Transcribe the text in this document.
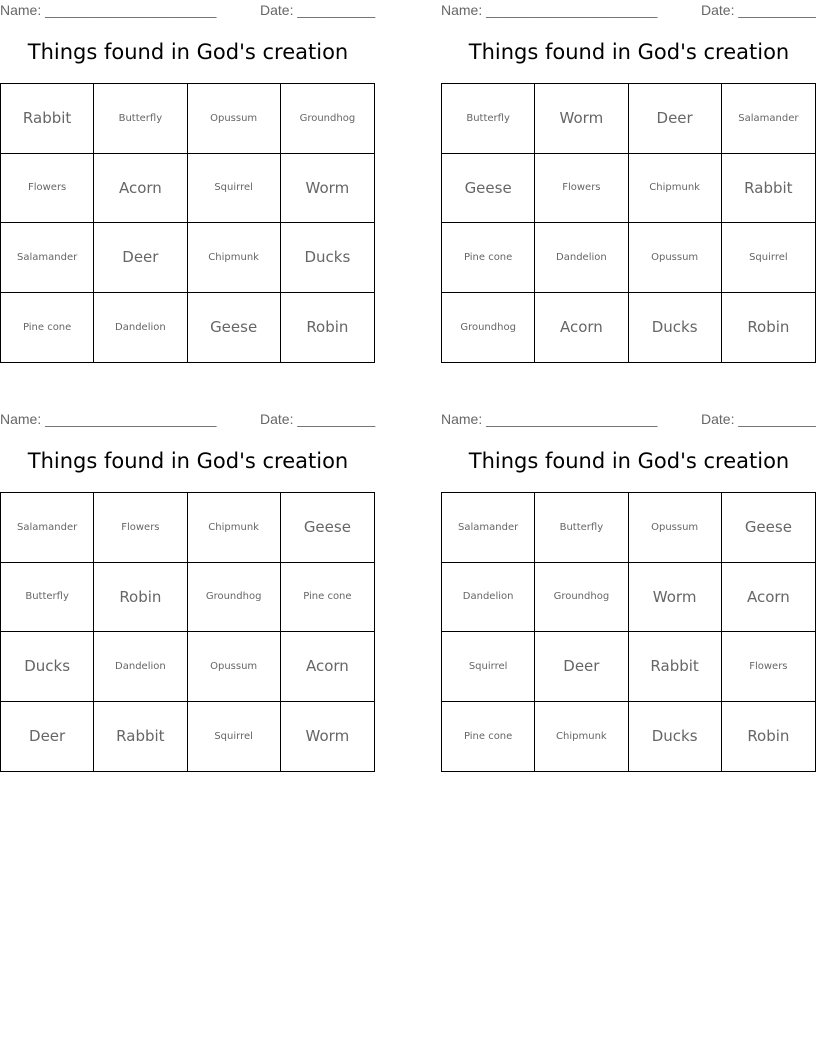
Name: ______________________	Date: __________
Things found in God's creation
Rabbit	Butterfly	Opussum	Groundhog
Flowers	Acorn	Squirrel	Worm
Salamander	Deer	Chipmunk	Ducks
Pine cone	Dandelion	Geese	Robin
Name: ______________________	Date: __________
Things found in God's creation
Butterfly	Worm	Deer	Salamander
Geese	Flowers	Chipmunk	Rabbit
Pine cone	Dandelion	Opussum	Squirrel
Groundhog	Acorn	Ducks	Robin
Name: ______________________	Date: __________
Things found in God's creation
Salamander	Flowers	Chipmunk	Geese
Butterfly	Robin	Groundhog	Pine cone
Ducks	Dandelion	Opussum	Acorn
Deer	Rabbit	Squirrel	Worm
Name: ______________________	Date: __________
Things found in God's creation
Salamander	Butterfly	Opussum	Geese
Dandelion	Groundhog	Worm	Acorn
Squirrel	Deer	Rabbit	Flowers
Pine cone	Chipmunk	Ducks	Robin
